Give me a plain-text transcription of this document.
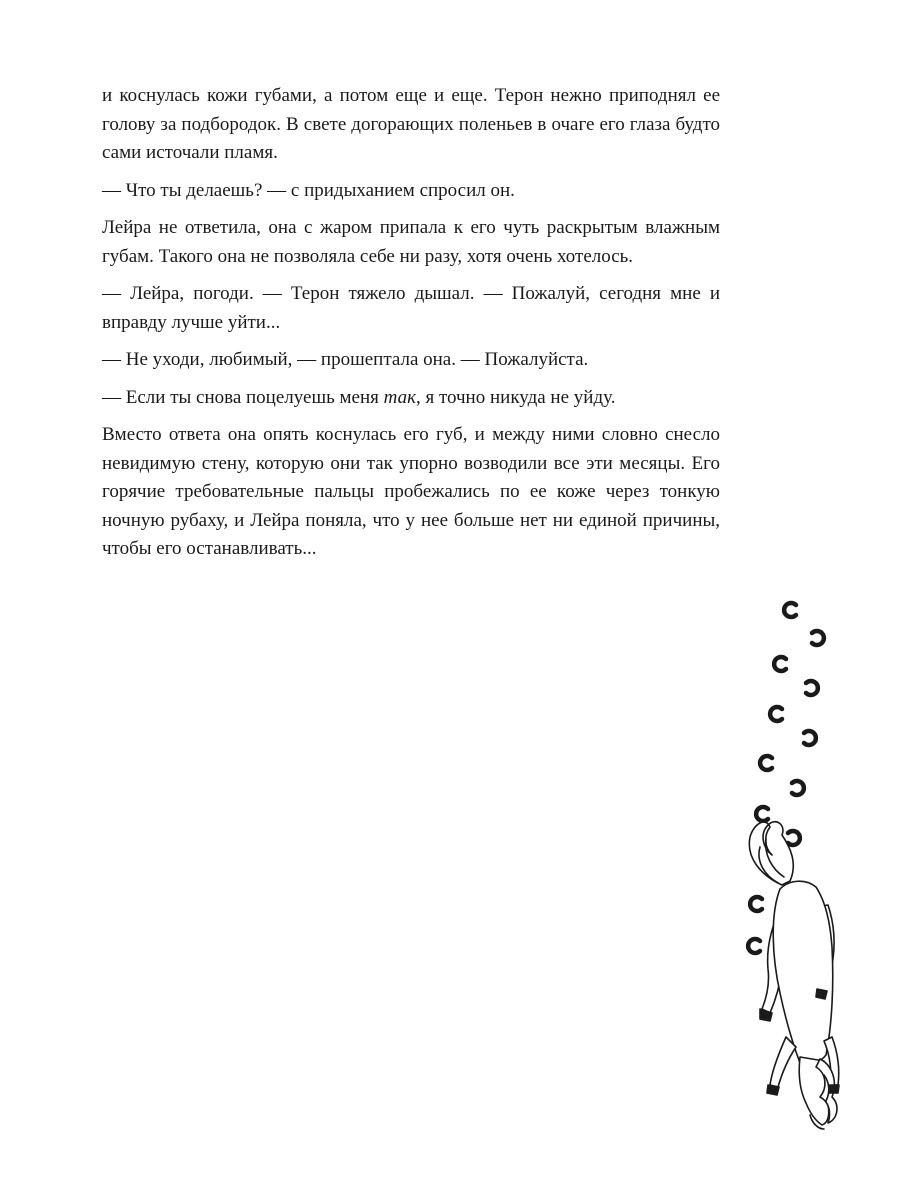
и коснулась кожи губами, а потом еще и еще. Терон нежно приподнял ее голову за подбородок. В свете догорающих поленьев в очаге его глаза будто сами источали пламя.

— Что ты делаешь? — с придыханием спросил он.

Лейра не ответила, она с жаром припала к его чуть раскрытым влажным губам. Такого она не позволяла себе ни разу, хотя очень хотелось.

— Лейра, погоди. — Терон тяжело дышал. — Пожалуй, сегодня мне и вправду лучше уйти...

— Не уходи, любимый, — прошептала она. — Пожалуйста.

— Если ты снова поцелуешь меня так, я точно никуда не уйду.

Вместо ответа она опять коснулась его губ, и между ними словно снесло невидимую стену, которую они так упорно возводили все эти месяцы. Его горячие требовательные пальцы пробежались по ее коже через тонкую ночную рубаху, и Лейра поняла, что у нее больше нет ни единой причины, чтобы его останавливать...
